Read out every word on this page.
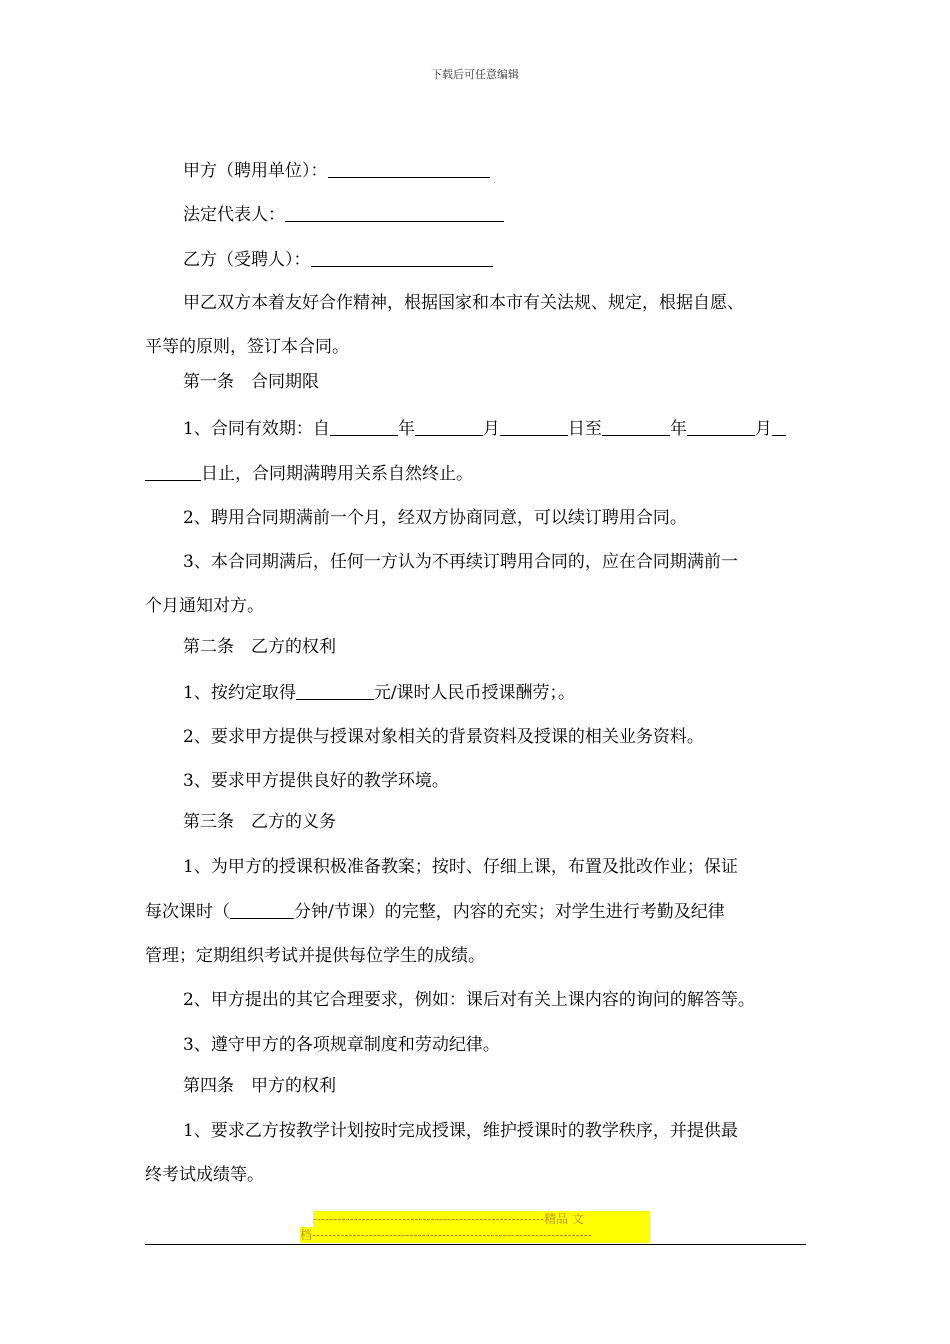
下载后可任意编辑
甲方（聘用单位）：
法定代表人：
乙方（受聘人）：
甲乙双方本着友好合作精神，根据国家和本市有关法规、规定，根据自愿、
平等的原则，签订本合同。
第一条　合同期限
1、合同有效期：自	年	月	日至	年	月
日止，合同期满聘用关系自然终止。
2、聘用合同期满前一个月，经双方协商同意，可以续订聘用合同。
3、本合同期满后，任何一方认为不再续订聘用合同的，应在合同期满前一
个月通知对方。
第二条　乙方的权利
1、按约定取得	元/课时人民币授课酬劳；。
2、要求甲方提供与授课对象相关的背景资料及授课的相关业务资料。
3、要求甲方提供良好的教学环境。
第三条　乙方的义务
1、为甲方的授课积极准备教案；按时、仔细上课，布置及批改作业；保证
每次课时（	分钟/节课）的完整，内容的充实；对学生进行考勤及纪律
管理；定期组织考试并提供每位学生的成绩。
2、甲方提出的其它合理要求，例如：课后对有关上课内容的询问的解答等。
3、遵守甲方的各项规章制度和劳动纪律。
第四条　甲方的权利
1、要求乙方按教学计划按时完成授课，维护授课时的教学秩序，并提供最
终考试成绩等。
---------------------------------------------------------精品 文
档---------------------------------------------------------------------
